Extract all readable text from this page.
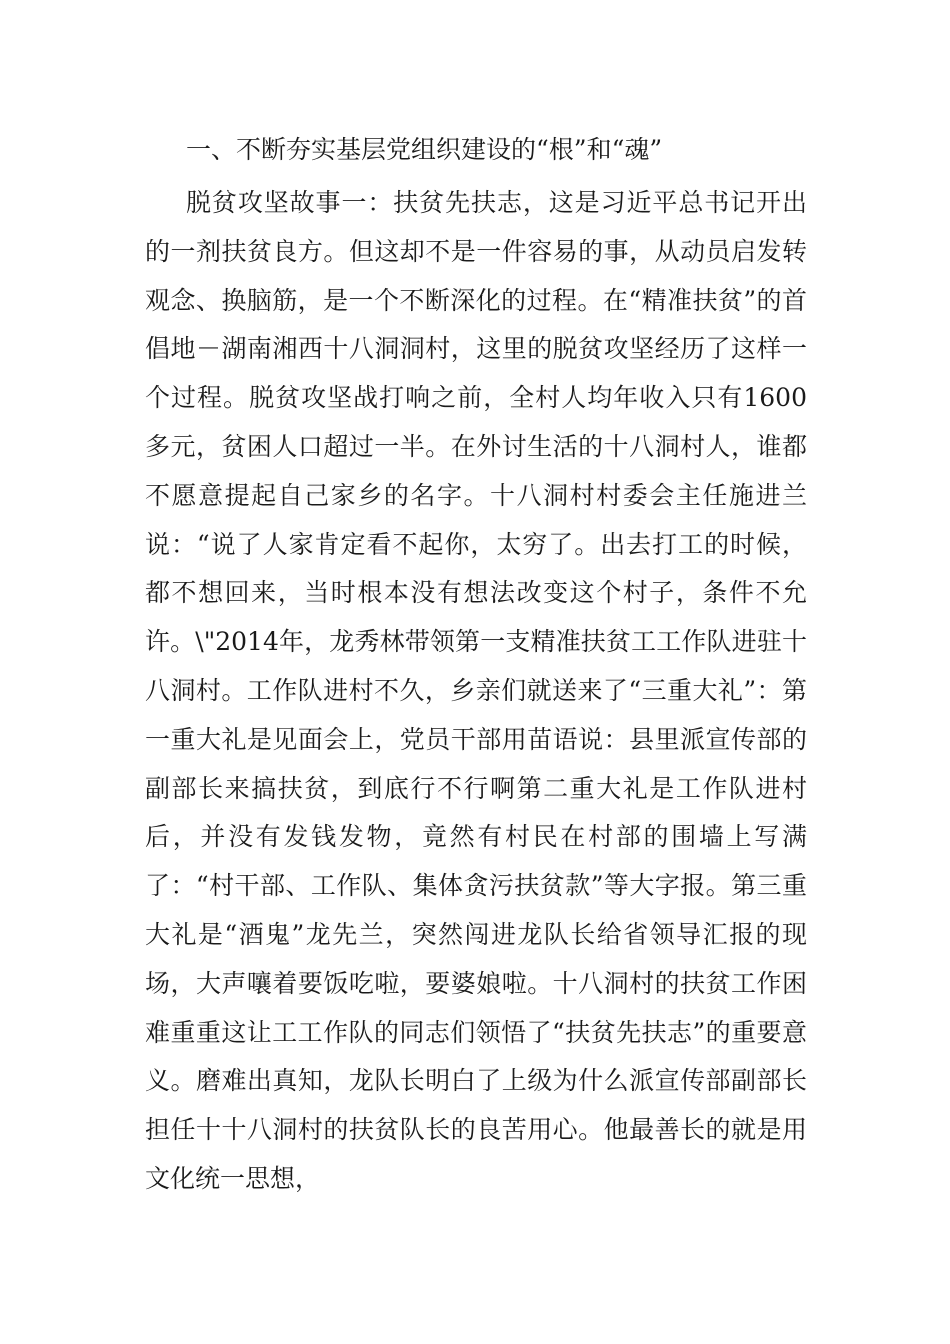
一、不断夯实基层党组织建设的“根”和“魂”

脱贫攻坚故事一：扶贫先扶志，这是习近平总书记开出的一剂扶贫良方。但这却不是一件容易的事，从动员启发转观念、换脑筋，是一个不断深化的过程。在“精准扶贫”的首倡地－湖南湘西十八洞洞村，这里的脱贫攻坚经历了这样一个过程。脱贫攻坚战打响之前，全村人均年收入只有1600多元，贫困人口超过一半。在外讨生活的十八洞村人，谁都不愿意提起自己家乡的名字。十八洞村村委会主任施进兰说：“说了人家肯定看不起你，太穷了。出去打工的时候，都不想回来，当时根本没有想法改变这个村子，条件不允许。\"2014年，龙秀林带领第一支精准扶贫工工作队进驻十八洞村。工作队进村不久，乡亲们就送来了“三重大礼”：第一重大礼是见面会上，党员干部用苗语说：县里派宣传部的副部长来搞扶贫，到底行不行啊第二重大礼是工作队进村后，并没有发钱发物，竟然有村民在村部的围墙上写满了：“村干部、工作队、集体贪污扶贫款”等大字报。第三重大礼是“酒鬼”龙先兰，突然闯进龙队长给省领导汇报的现场，大声嚷着要饭吃啦，要婆娘啦。十八洞村的扶贫工作困难重重这让工工作队的同志们领悟了“扶贫先扶志”的重要意义。磨难出真知，龙队长明白了上级为什么派宣传部副部长担任十十八洞村的扶贫队长的良苦用心。他最善长的就是用文化统一思想，
